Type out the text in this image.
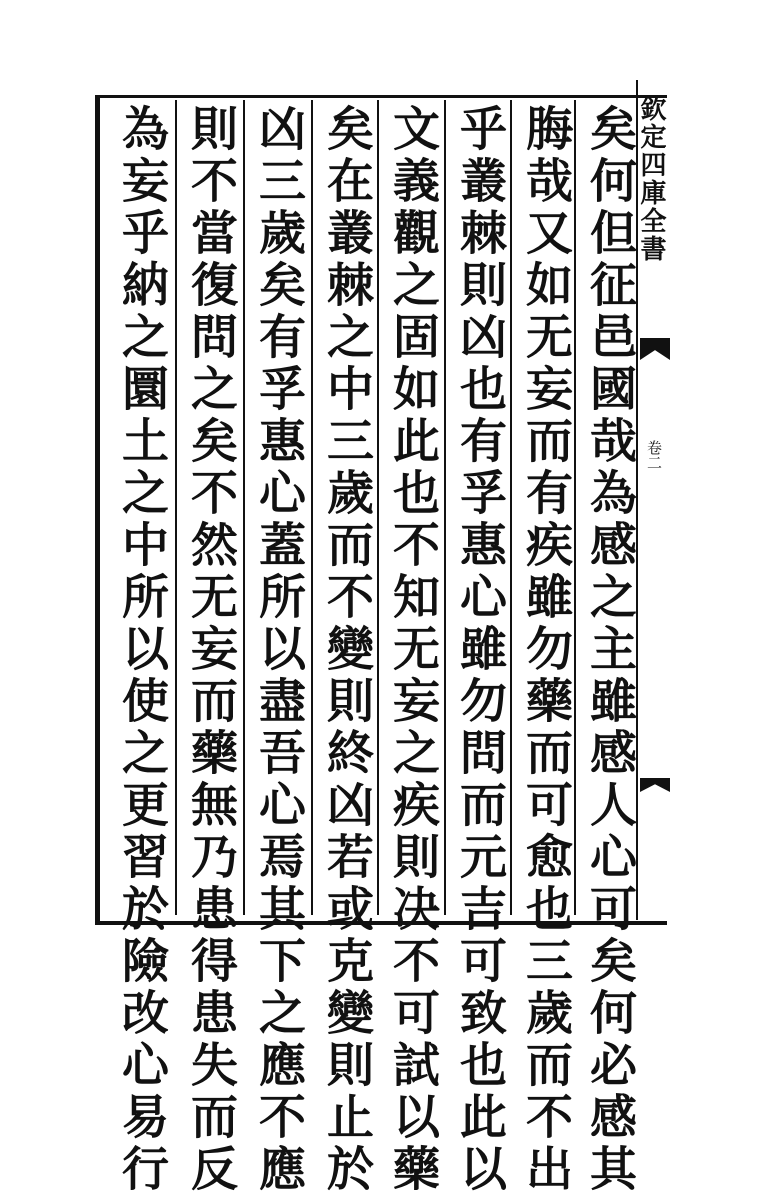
欽定四庫全書
卷二
矣何但征邑國哉為感之主雖感人心可矣何必感其
脢哉又如无妄而有疾雖勿藥而可愈也三歲而不出
乎叢棘則凶也有孚惠心雖勿問而元吉可致也此以
文義觀之固如此也不知无妄之疾則决不可試以藥
矣在叢棘之中三歲而不變則終凶若或克變則止於
凶三歲矣有孚惠心蓋所以盡吾心焉其下之應不應
則不當復問之矣不然无妄而藥無乃患得患失而反
為妄乎納之圜土之中所以使之更習於險改心易行
